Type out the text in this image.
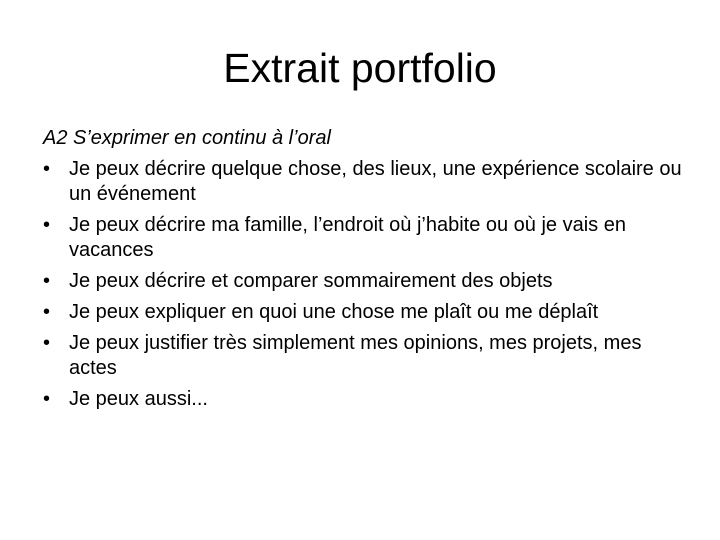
Extrait portfolio
A2 S’exprimer en continu à l’oral
• Je peux décrire quelque chose, des lieux, une expérience scolaire ou un événement
• Je peux décrire ma famille, l’endroit où j’habite ou où je vais en vacances
• Je peux décrire et comparer sommairement des objets
• Je peux expliquer en quoi une chose me plaît ou me déplaît
• Je peux justifier très simplement mes opinions, mes projets, mes actes
• Je peux aussi...
